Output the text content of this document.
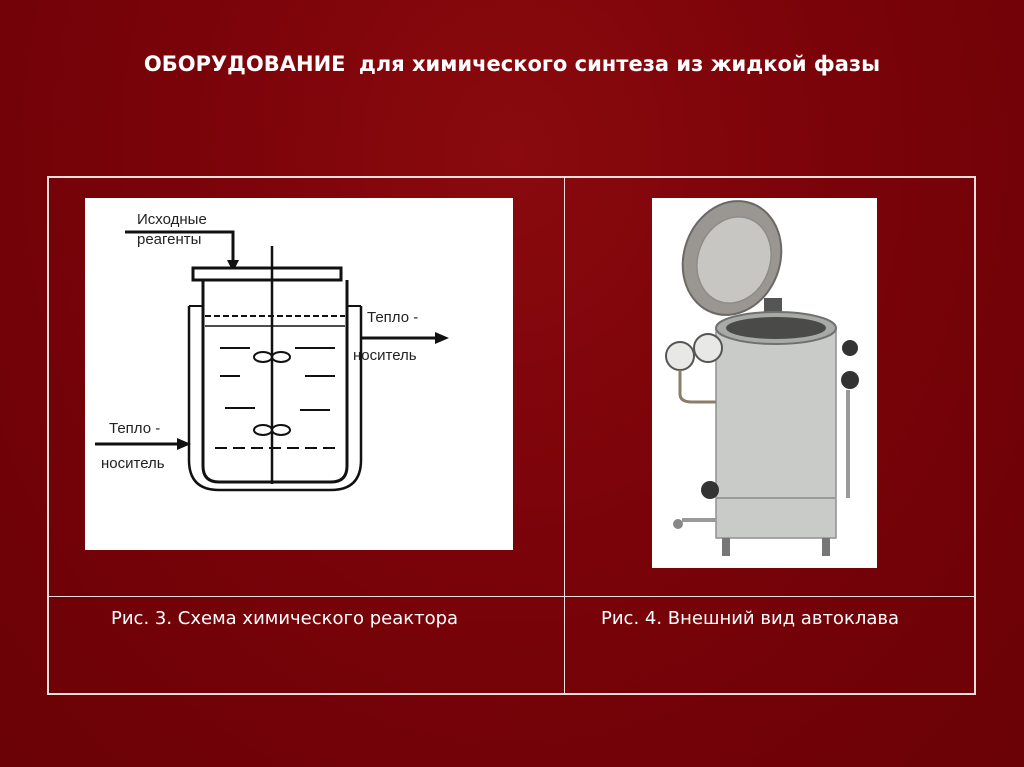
ОБОРУДОВАНИЕ для химического синтеза из жидкой фазы
Исходные
реагенты
Тепло -
носитель
Тепло -
носитель
Рис. 3. Схема химического реактора	Рис. 4. Внешний вид автоклава
